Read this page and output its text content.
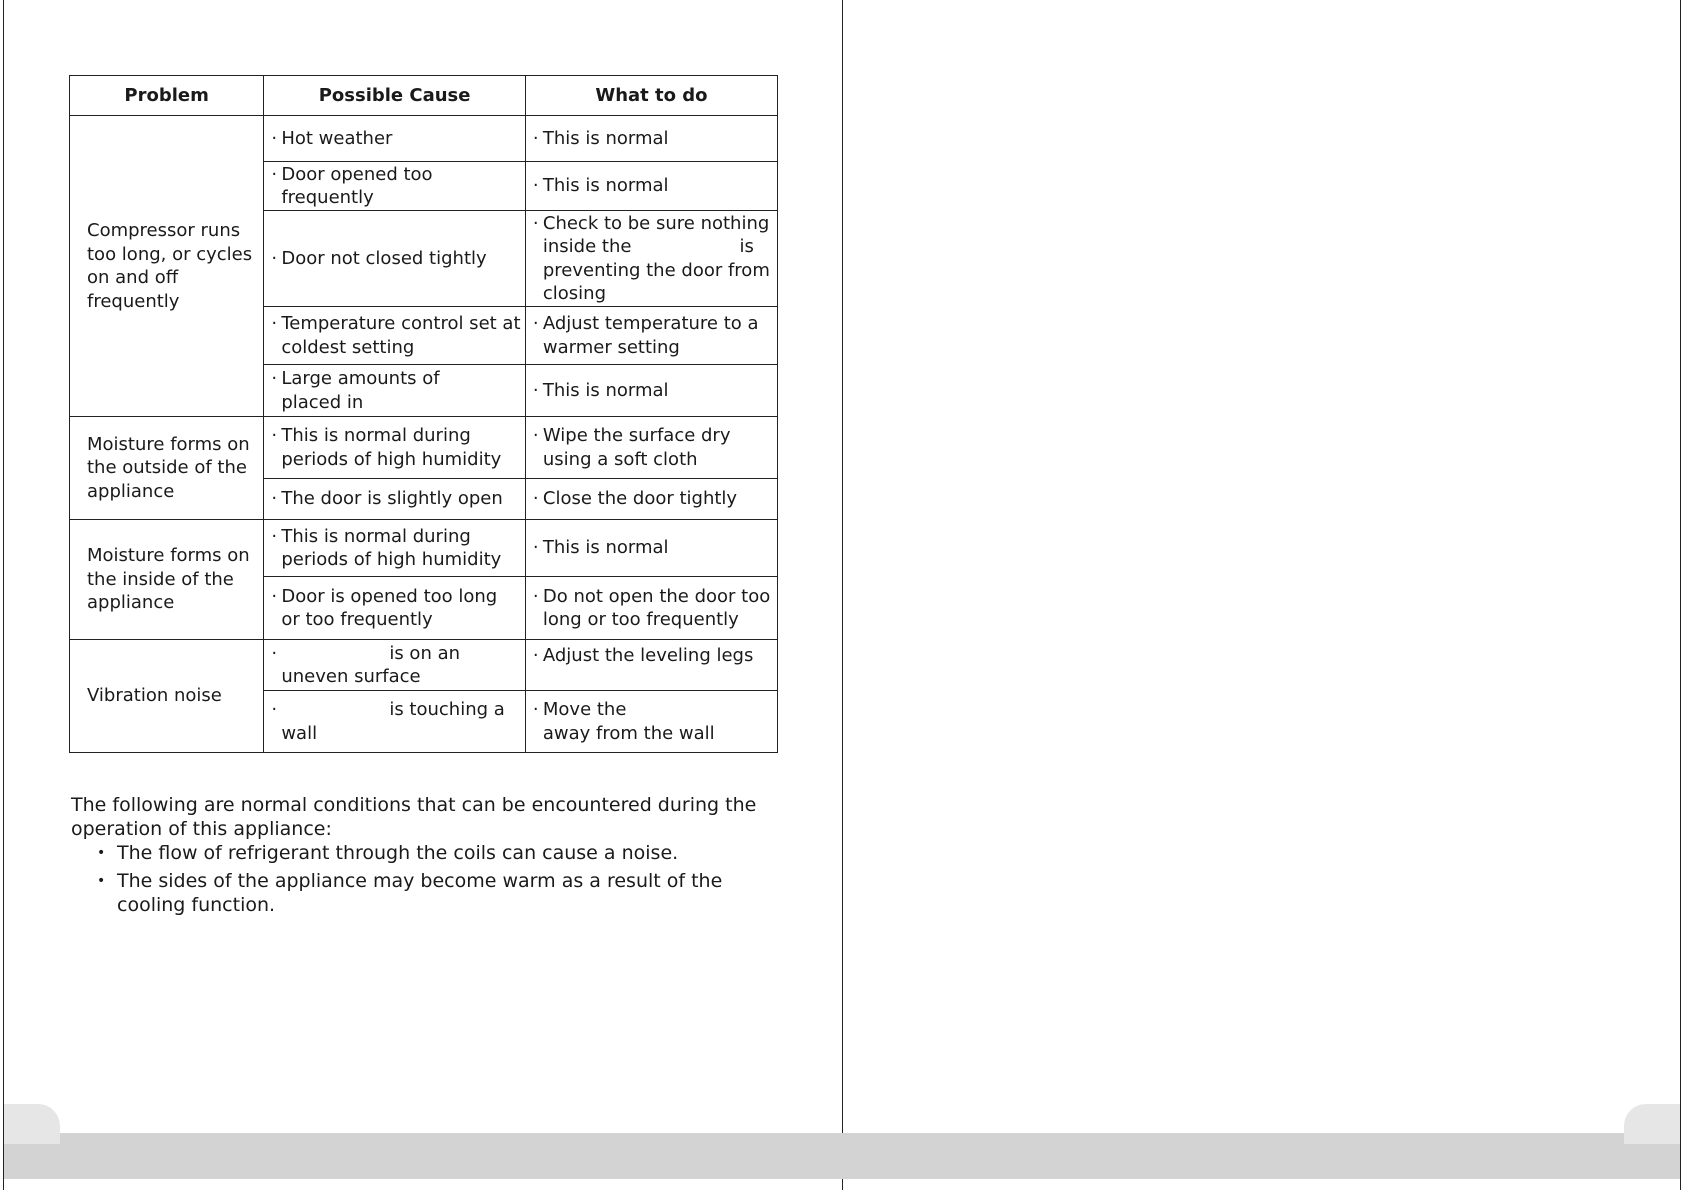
Problem	Possible Cause	What to do
Compressor runs too long, or cycles on and off frequently	· Hot weather	· This is normal

	· Door opened too frequently	· This is normal

	· Door not closed tightly	· Check to be sure nothing inside the is preventing the door from closing

	· Temperature control set at coldest setting	· Adjust temperature to a warmer setting

	· Large amounts of placed in	· This is normal

Moisture forms on the outside of the appliance	· This is normal during periods of high humidity	· Wipe the surface dry using a soft cloth

	· The door is slightly open	· Close the door tightly

Moisture forms on the inside of the appliance	· This is normal during periods of high humidity	· This is normal

	· Door is opened too long or too frequently	· Do not open the door too long or too frequently

Vibration noise	· is on an uneven surface	· Adjust the leveling legs

	· is touching a wall	· Move theaway from the wall

The following are normal conditions that can be encountered during the operation of this appliance:

• The flow of refrigerant through the coils can cause a noise.
• The sides of the appliance may become warm as a result of the cooling function.
